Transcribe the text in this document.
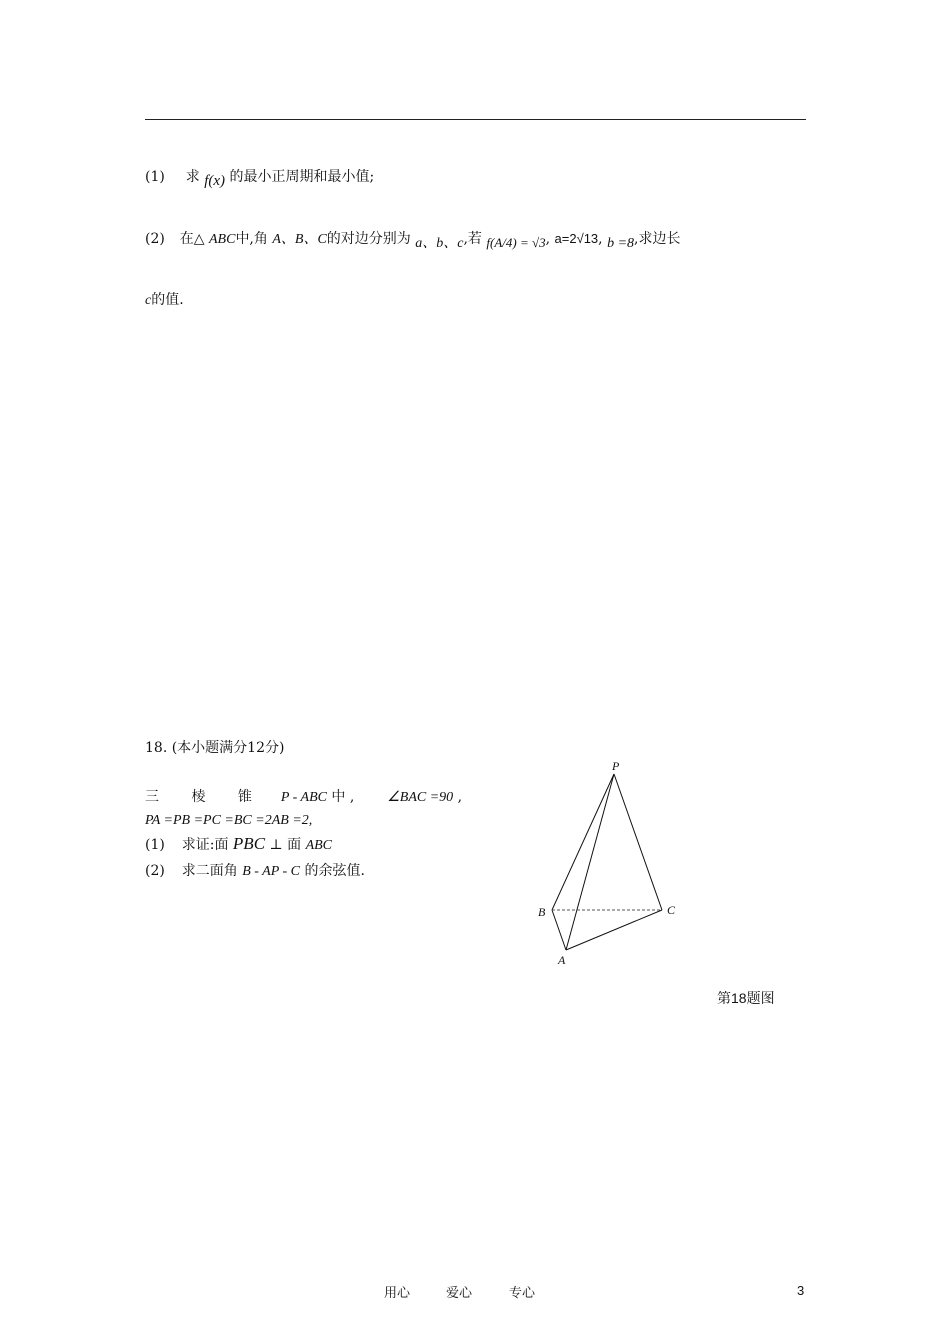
(1) 求 f(x) 的最小正周期和最小值;
(2) 在△ ABC中,角 A、B、C的对边分别为 a、b、c,若 f(A/4) = √3, a=2√13, b =8,求边长
c的值.
18. (本小题满分12分)
三 棱 锥 P - ABC 中 , ∠BAC =90 ,
PA =PB =PC =BC =2AB =2,
(1) 求证:面 PBC ⊥ 面 ABC
(2) 求二面角 B - AP - C 的余弦值.
P
B	C
A
第18题图
用心	爱心	专心	3
